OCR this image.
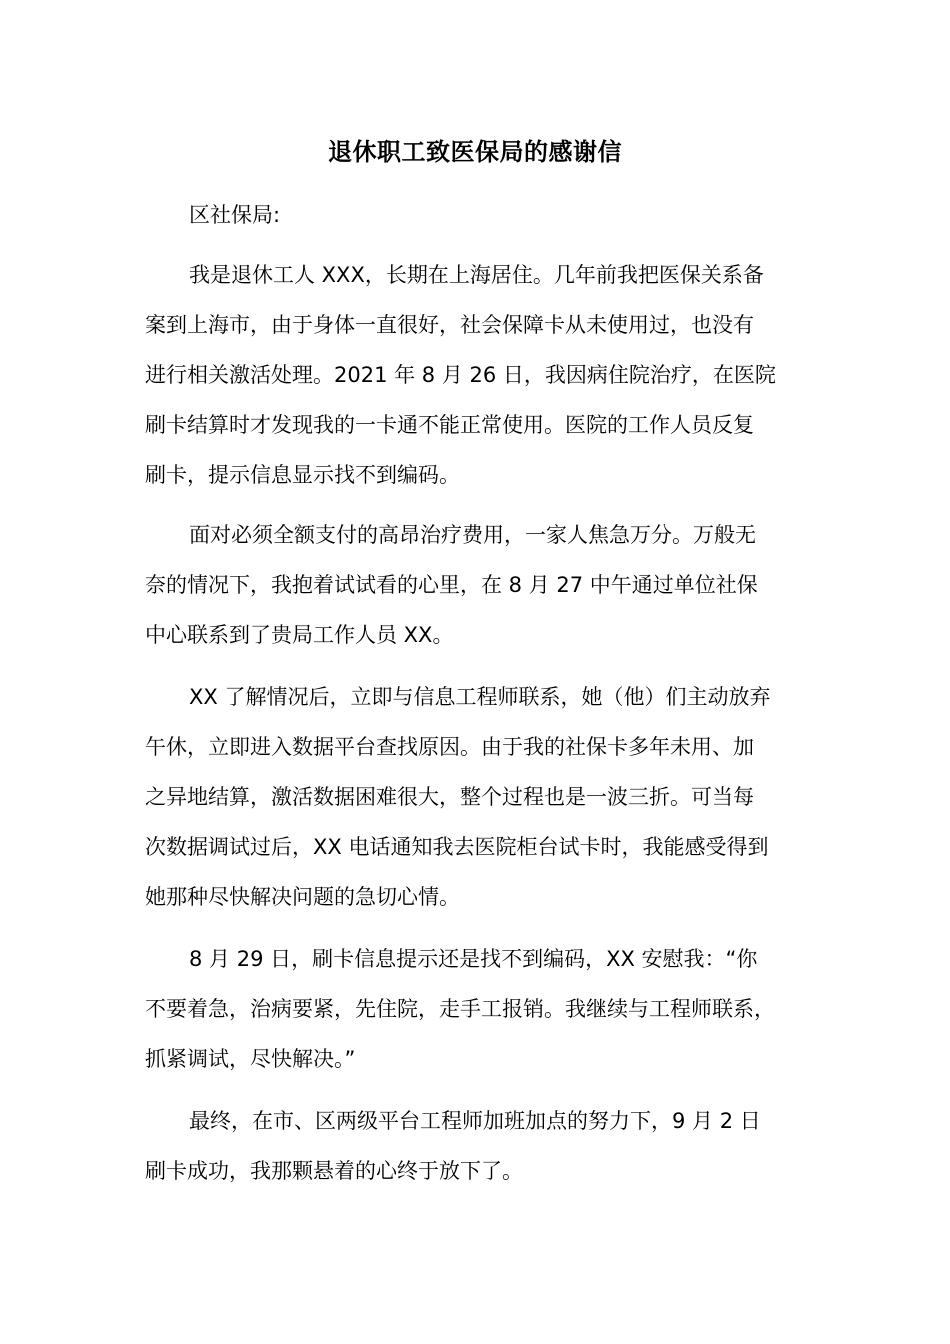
退休职工致医保局的感谢信
区社保局:
我是退休工人 XXX，长期在上海居住。几年前我把医保关系备
案到上海市，由于身体一直很好，社会保障卡从未使用过，也没有
进行相关激活处理。2021 年 8 月 26 日，我因病住院治疗，在医院
刷卡结算时才发现我的一卡通不能正常使用。医院的工作人员反复
刷卡，提示信息显示找不到编码。
面对必须全额支付的高昂治疗费用，一家人焦急万分。万般无
奈的情况下，我抱着试试看的心里，在 8 月 27 中午通过单位社保
中心联系到了贵局工作人员 XX。
XX 了解情况后，立即与信息工程师联系，她（他）们主动放弃
午休，立即进入数据平台查找原因。由于我的社保卡多年未用、加
之异地结算，激活数据困难很大，整个过程也是一波三折。可当每
次数据调试过后，XX 电话通知我去医院柜台试卡时，我能感受得到
她那种尽快解决问题的急切心情。
8 月 29 日，刷卡信息提示还是找不到编码，XX 安慰我：“你
不要着急，治病要紧，先住院，走手工报销。我继续与工程师联系，
抓紧调试，尽快解决。”
最终，在市、区两级平台工程师加班加点的努力下，9 月 2 日
刷卡成功，我那颗悬着的心终于放下了。
